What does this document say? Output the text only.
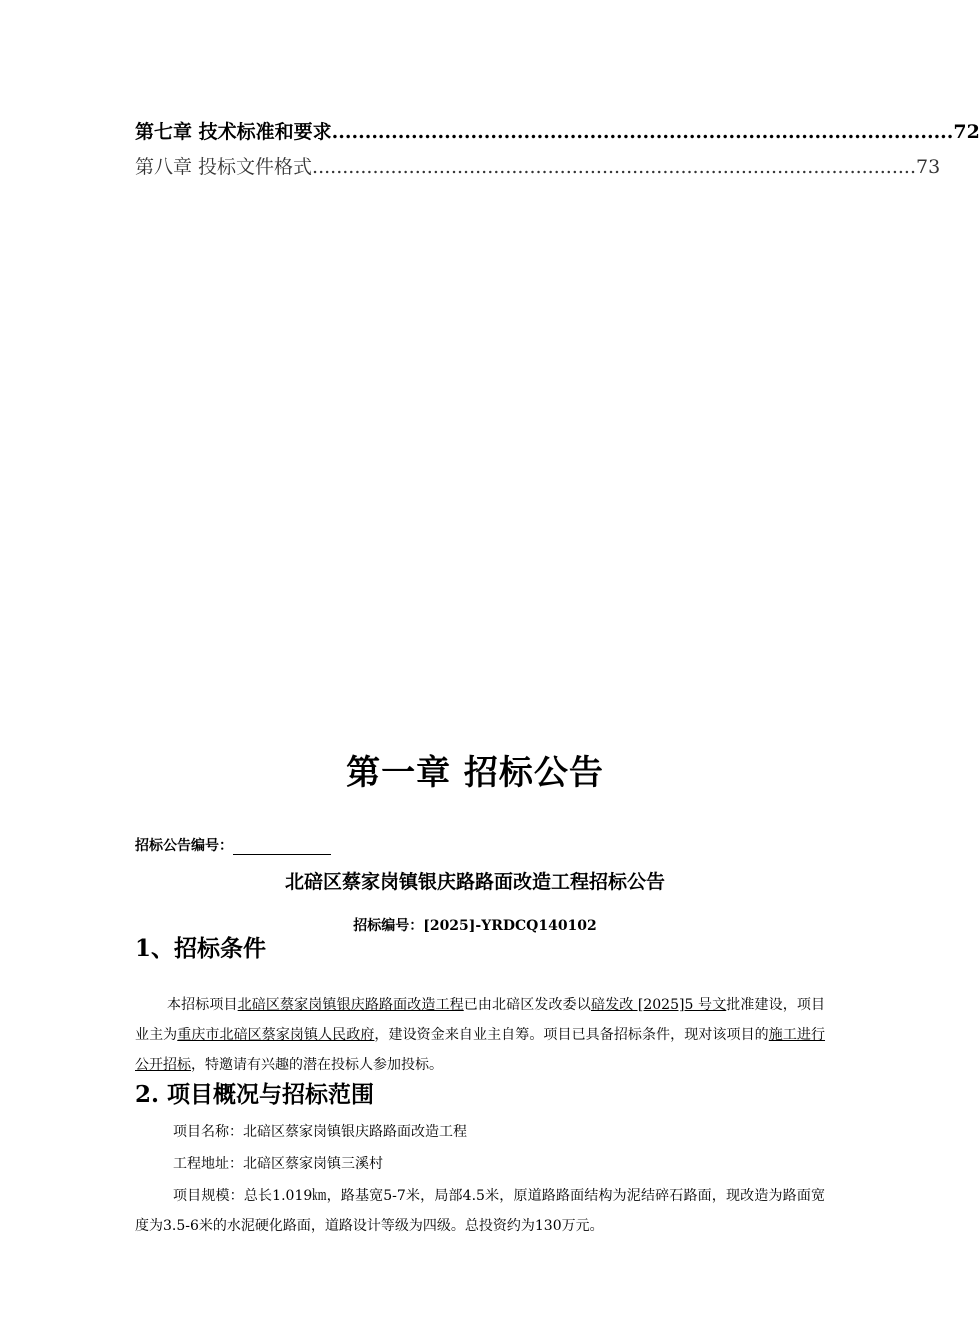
第七章 技术标准和要求 .............................................................................................. 72
第八章 投标文件格式 .................................................................................................... 73
第一章 招标公告
招标公告编号：
北碚区蔡家岗镇银庆路路面改造工程招标公告
招标编号：[2025]-YRDCQ140102
1、招标条件
本招标项目北碚区蔡家岗镇银庆路路面改造工程已由北碚区发改委以碚发改 [2025]5 号文批准建设，项目业主为重庆市北碚区蔡家岗镇人民政府，建设资金来自业主自筹。项目已具备招标条件，现对该项目的施工进行公开招标，特邀请有兴趣的潜在投标人参加投标。
2. 项目概况与招标范围
项目名称：北碚区蔡家岗镇银庆路路面改造工程
工程地址：北碚区蔡家岗镇三溪村
项目规模：总长1.019㎞，路基宽5-7米，局部4.5米，原道路路面结构为泥结碎石路面，现改造为路面宽度为3.5-6米的水泥硬化路面，道路设计等级为四级。总投资约为130万元。
